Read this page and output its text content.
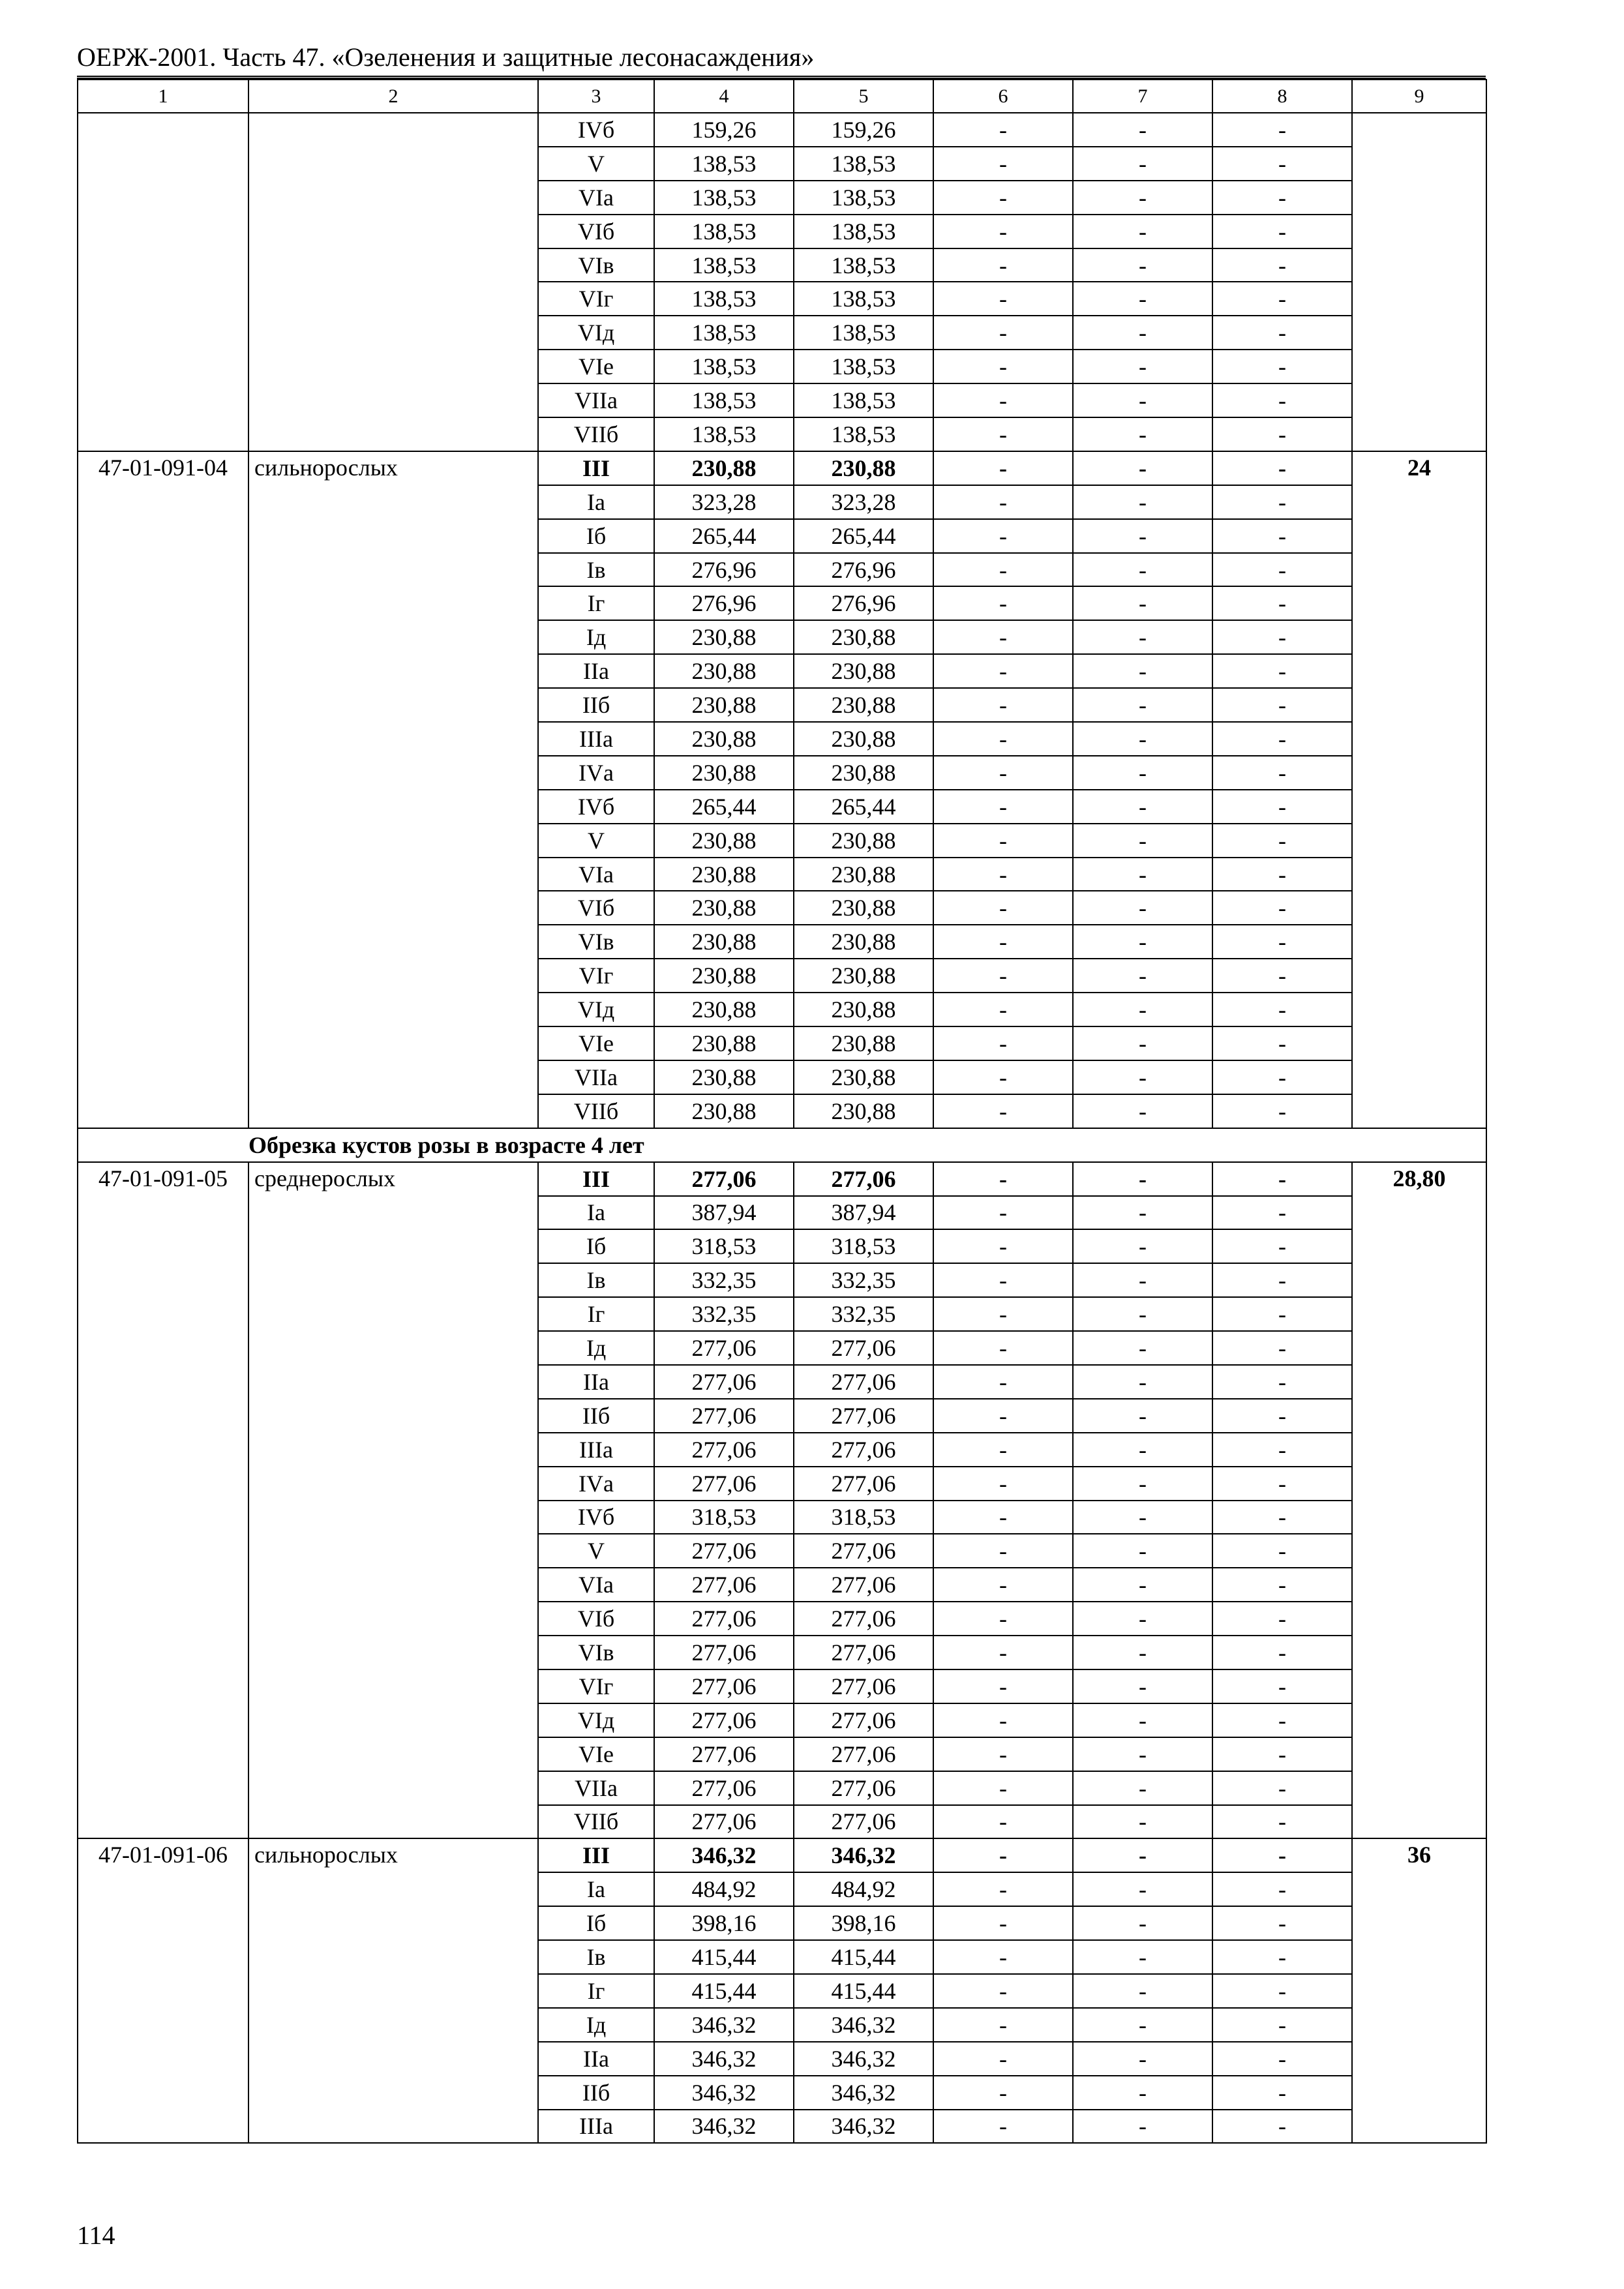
ОЕРЖ-2001. Часть 47. «Озеленения и защитные лесонасаждения»
1	2	3	4	5	6	7	8	9
		IVб	159,26	159,26	-	-	-	
		V	138,53	138,53	-	-	-	
		VIа	138,53	138,53	-	-	-	
		VIб	138,53	138,53	-	-	-	
		VIв	138,53	138,53	-	-	-	
		VIг	138,53	138,53	-	-	-	
		VIд	138,53	138,53	-	-	-	
		VIе	138,53	138,53	-	-	-	
		VIIа	138,53	138,53	-	-	-	
		VIIб	138,53	138,53	-	-	-	
47-01-091-04	сильнорослых	III	230,88	230,88	-	-	-	24
		Iа	323,28	323,28	-	-	-	
		Iб	265,44	265,44	-	-	-	
		Iв	276,96	276,96	-	-	-	
		Iг	276,96	276,96	-	-	-	
		Iд	230,88	230,88	-	-	-	
		IIа	230,88	230,88	-	-	-	
		IIб	230,88	230,88	-	-	-	
		IIIа	230,88	230,88	-	-	-	
		IVа	230,88	230,88	-	-	-	
		IVб	265,44	265,44	-	-	-	
		V	230,88	230,88	-	-	-	
		VIа	230,88	230,88	-	-	-	
		VIб	230,88	230,88	-	-	-	
		VIв	230,88	230,88	-	-	-	
		VIг	230,88	230,88	-	-	-	
		VIд	230,88	230,88	-	-	-	
		VIе	230,88	230,88	-	-	-	
		VIIа	230,88	230,88	-	-	-	
		VIIб	230,88	230,88	-	-	-	
	Обрезка кустов розы в возрасте 4 лет							
47-01-091-05	среднерослых	III	277,06	277,06	-	-	-	28,80
		Iа	387,94	387,94	-	-	-	
		Iб	318,53	318,53	-	-	-	
		Iв	332,35	332,35	-	-	-	
		Iг	332,35	332,35	-	-	-	
		Iд	277,06	277,06	-	-	-	
		IIа	277,06	277,06	-	-	-	
		IIб	277,06	277,06	-	-	-	
		IIIа	277,06	277,06	-	-	-	
		IVа	277,06	277,06	-	-	-	
		IVб	318,53	318,53	-	-	-	
		V	277,06	277,06	-	-	-	
		VIа	277,06	277,06	-	-	-	
		VIб	277,06	277,06	-	-	-	
		VIв	277,06	277,06	-	-	-	
		VIг	277,06	277,06	-	-	-	
		VIд	277,06	277,06	-	-	-	
		VIе	277,06	277,06	-	-	-	
		VIIа	277,06	277,06	-	-	-	
		VIIб	277,06	277,06	-	-	-	
47-01-091-06	сильнорослых	III	346,32	346,32	-	-	-	36
		Iа	484,92	484,92	-	-	-	
		Iб	398,16	398,16	-	-	-	
		Iв	415,44	415,44	-	-	-	
		Iг	415,44	415,44	-	-	-	
		Iд	346,32	346,32	-	-	-	
		IIа	346,32	346,32	-	-	-	
		IIб	346,32	346,32	-	-	-	
		IIIа	346,32	346,32	-	-	-	
114
